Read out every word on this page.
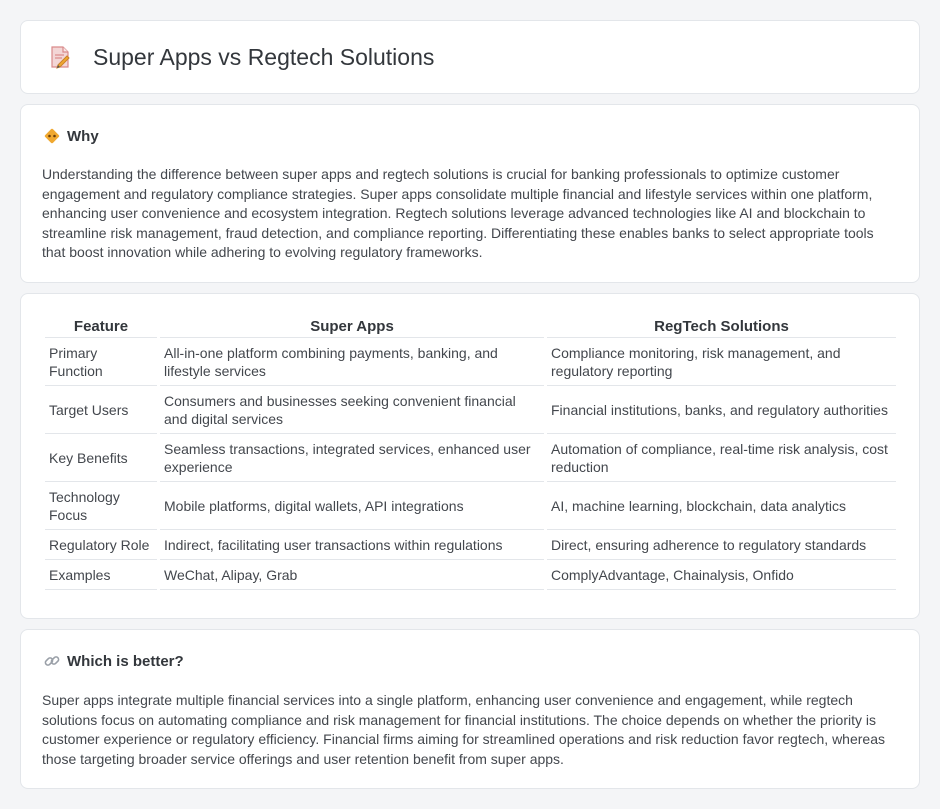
Super Apps vs Regtech Solutions
Why

Understanding the difference between super apps and regtech solutions is crucial for banking professionals to optimize customer engagement and regulatory compliance strategies. Super apps consolidate multiple financial and lifestyle services within one platform, enhancing user convenience and ecosystem integration. Regtech solutions leverage advanced technologies like AI and blockchain to streamline risk management, fraud detection, and compliance reporting. Differentiating these enables banks to select appropriate tools that boost innovation while adhering to evolving regulatory frameworks.

Feature	Super Apps	RegTech Solutions
Primary Function	All-in-one platform combining payments, banking, and lifestyle services	Compliance monitoring, risk management, and regulatory reporting
Target Users	Consumers and businesses seeking convenient financial and digital services	Financial institutions, banks, and regulatory authorities
Key Benefits	Seamless transactions, integrated services, enhanced user experience	Automation of compliance, real-time risk analysis, cost reduction
Technology Focus	Mobile platforms, digital wallets, API integrations	AI, machine learning, blockchain, data analytics
Regulatory Role	Indirect, facilitating user transactions within regulations	Direct, ensuring adherence to regulatory standards
Examples	WeChat, Alipay, Grab	ComplyAdvantage, Chainalysis, Onfido
Which is better?

Super apps integrate multiple financial services into a single platform, enhancing user convenience and engagement, while regtech solutions focus on automating compliance and risk management for financial institutions. The choice depends on whether the priority is customer experience or regulatory efficiency. Financial firms aiming for streamlined operations and risk reduction favor regtech, whereas those targeting broader service offerings and user retention benefit from super apps.
